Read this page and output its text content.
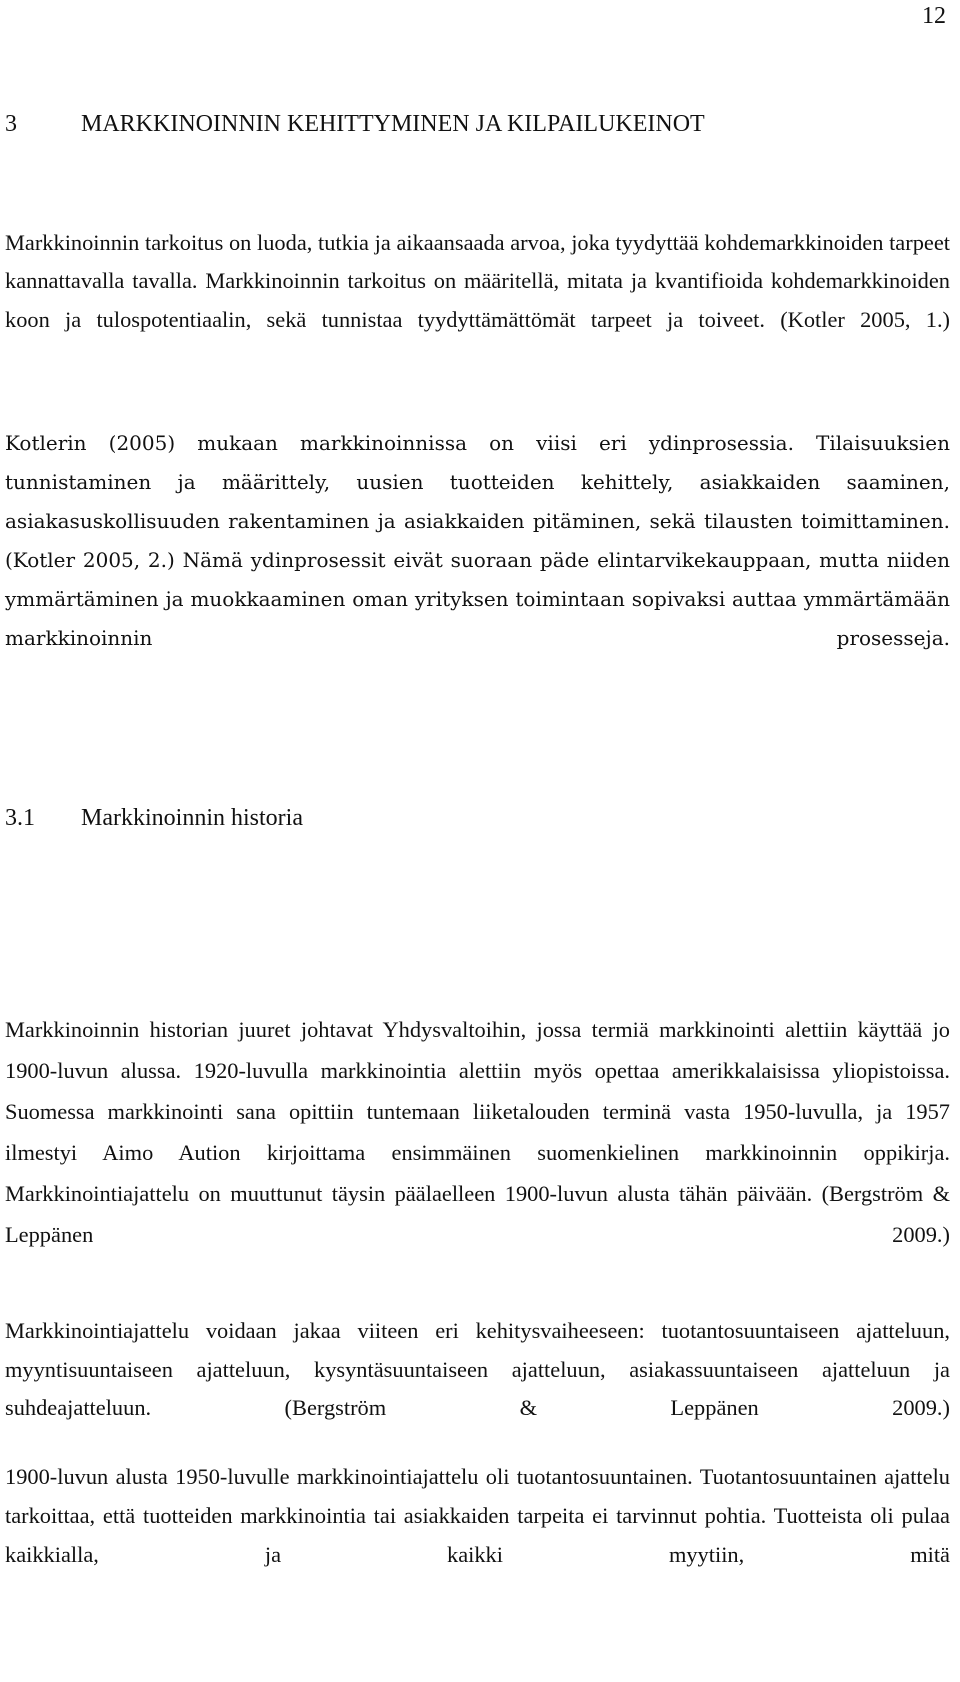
12
3	MARKKINOINNIN KEHITTYMINEN JA KILPAILUKEINOT

Markkinoinnin tarkoitus on luoda, tutkia ja aikaansaada arvoa, joka tyydyttää kohdemarkkinoiden tarpeet kannattavalla tavalla. Markkinoinnin tarkoitus on määritellä, mitata ja kvantifioida kohdemarkkinoiden koon ja tulospotentiaalin, sekä tunnistaa tyydyttämättömät tarpeet ja toiveet. (Kotler 2005, 1.)

Kotlerin (2005) mukaan markkinoinnissa on viisi eri ydinprosessia. Tilaisuuksien tunnistaminen ja määrittely, uusien tuotteiden kehittely, asiakkaiden saaminen, asiakasuskollisuuden rakentaminen ja asiakkaiden pitäminen, sekä tilausten toimittaminen. (Kotler 2005, 2.) Nämä ydinprosessit eivät suoraan päde elintarvikekauppaan, mutta niiden ymmärtäminen ja muokkaaminen oman yrityksen toimintaan sopivaksi auttaa ymmärtämään markkinoinnin prosesseja.

3.1	Markkinoinnin historia

Markkinoinnin historian juuret johtavat Yhdysvaltoihin, jossa termiä markkinointi alettiin käyttää jo 1900-luvun alussa. 1920-luvulla markkinointia alettiin myös opettaa amerikkalaisissa yliopistoissa. Suomessa markkinointi sana opittiin tuntemaan liiketalouden terminä vasta 1950-luvulla, ja 1957 ilmestyi Aimo Aution kirjoittama ensimmäinen suomenkielinen markkinoinnin oppikirja. Markkinointiajattelu on muuttunut täysin päälaelleen 1900-luvun alusta tähän päivään. (Bergström & Leppänen 2009.)

Markkinointiajattelu voidaan jakaa viiteen eri kehitysvaiheeseen: tuotantosuuntaiseen ajatteluun, myyntisuuntaiseen ajatteluun, kysyntäsuuntaiseen ajatteluun, asiakassuuntaiseen ajatteluun ja suhdeajatteluun. (Bergström & Leppänen 2009.)

1900-luvun alusta 1950-luvulle markkinointiajattelu oli tuotantosuuntainen. Tuotantosuuntainen ajattelu tarkoittaa, että tuotteiden markkinointia tai asiakkaiden tarpeita ei tarvinnut pohtia. Tuotteista oli pulaa kaikkialla, ja kaikki myytiin, mitä
